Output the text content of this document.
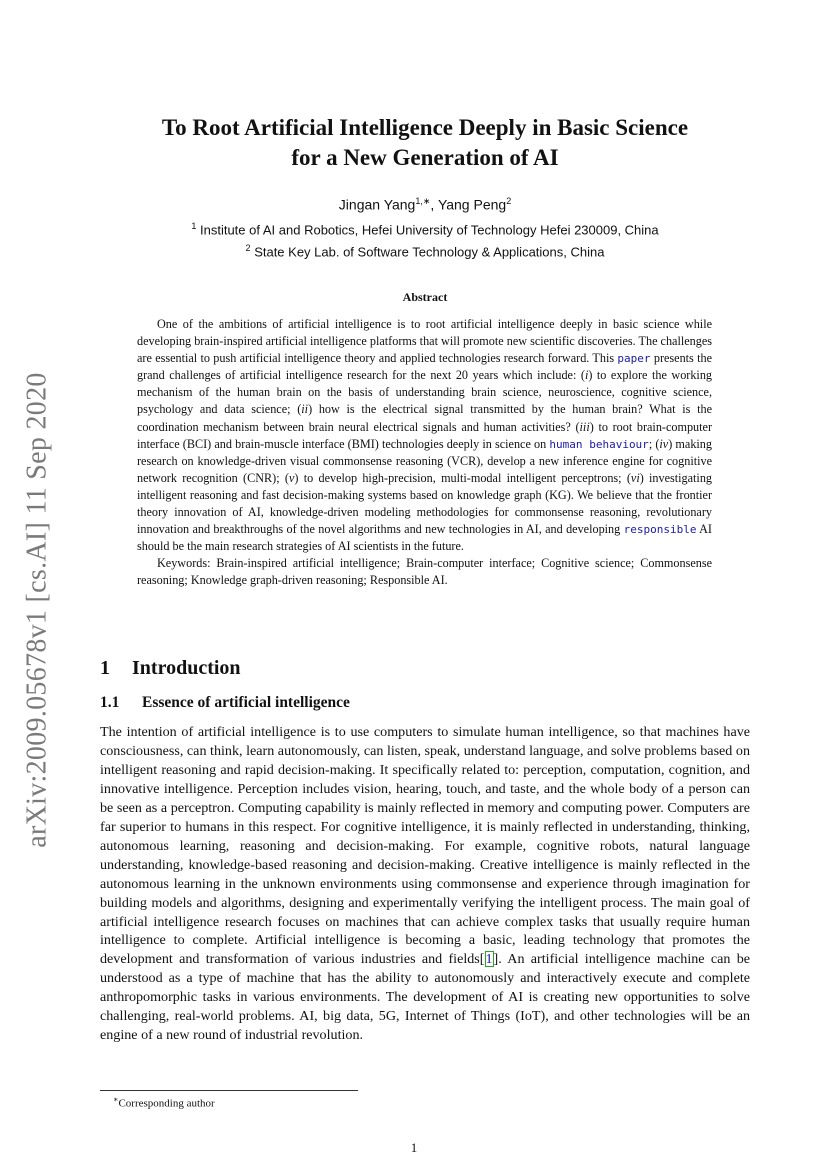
arXiv:2009.05678v1 [cs.AI] 11 Sep 2020
To Root Artificial Intelligence Deeply in Basic Science
for a New Generation of AI
Jingan Yang$^{1,∗}$, Yang Peng$^2$
$^1$ Institute of AI and Robotics, Hefei University of Technology Hefei 230009, China
$^2$ State Key Lab. of Software Technology & Applications, China
Abstract

One of the ambitions of artificial intelligence is to root artificial intelligence deeply in basic science while developing brain-inspired artificial intelligence platforms that will promote new scientific discoveries. The challenges are essential to push artificial intelligence theory and applied technologies research forward. This paper presents the grand challenges of artificial intelligence research for the next 20 years which include: (i) to explore the working mechanism of the human brain on the basis of understanding brain science, neuroscience, cognitive science, psychology and data science; (ii) how is the electrical signal transmitted by the human brain? What is the coordination mechanism between brain neural electrical signals and human activities? (iii) to root brain-computer interface (BCI) and brain-muscle interface (BMI) technologies deeply in science on human behaviour; (iv) making research on knowledge-driven visual commonsense reasoning (VCR), develop a new inference engine for cognitive network recognition (CNR); (v) to develop high-precision, multi-modal intelligent perceptrons; (vi) investigating intelligent reasoning and fast decision-making systems based on knowledge graph (KG). We believe that the frontier theory innovation of AI, knowledge-driven modeling methodologies for commonsense reasoning, revolutionary innovation and breakthroughs of the novel algorithms and new technologies in AI, and developing responsible AI should be the main research strategies of AI scientists in the future.

Keywords: Brain-inspired artificial intelligence; Brain-computer interface; Cognitive science; Commonsense reasoning; Knowledge graph-driven reasoning; Responsible AI.

1 Introduction
1.1 Essence of artificial intelligence

The intention of artificial intelligence is to use computers to simulate human intelligence, so that machines have consciousness, can think, learn autonomously, can listen, speak, understand language, and solve problems based on intelligent reasoning and rapid decision-making. It specifically related to: perception, computation, cognition, and innovative intelligence. Perception includes vision, hearing, touch, and taste, and the whole body of a person can be seen as a perceptron. Computing capability is mainly reflected in memory and computing power. Computers are far superior to humans in this respect. For cognitive intelligence, it is mainly reflected in understanding, thinking, autonomous learning, reasoning and decision-making. For example, cognitive robots, natural language understanding, knowledge-based reasoning and decision-making. Creative intelligence is mainly reflected in the autonomous learning in the unknown environments using commonsense and experience through imagination for building models and algorithms, designing and experimentally verifying the intelligent process. The main goal of artificial intelligence research focuses on machines that can achieve complex tasks that usually require human intelligence to complete. Artificial intelligence is becoming a basic, leading technology that promotes the development and transformation of various industries and fields[1]. An artificial intelligence machine can be understood as a type of machine that has the ability to autonomously and interactively execute and complete anthropomorphic tasks in various environments. The development of AI is creating new opportunities to solve challenging, real-world problems. AI, big data, 5G, Internet of Things (IoT), and other technologies will be an engine of a new round of industrial revolution.

∗Corresponding author
1
